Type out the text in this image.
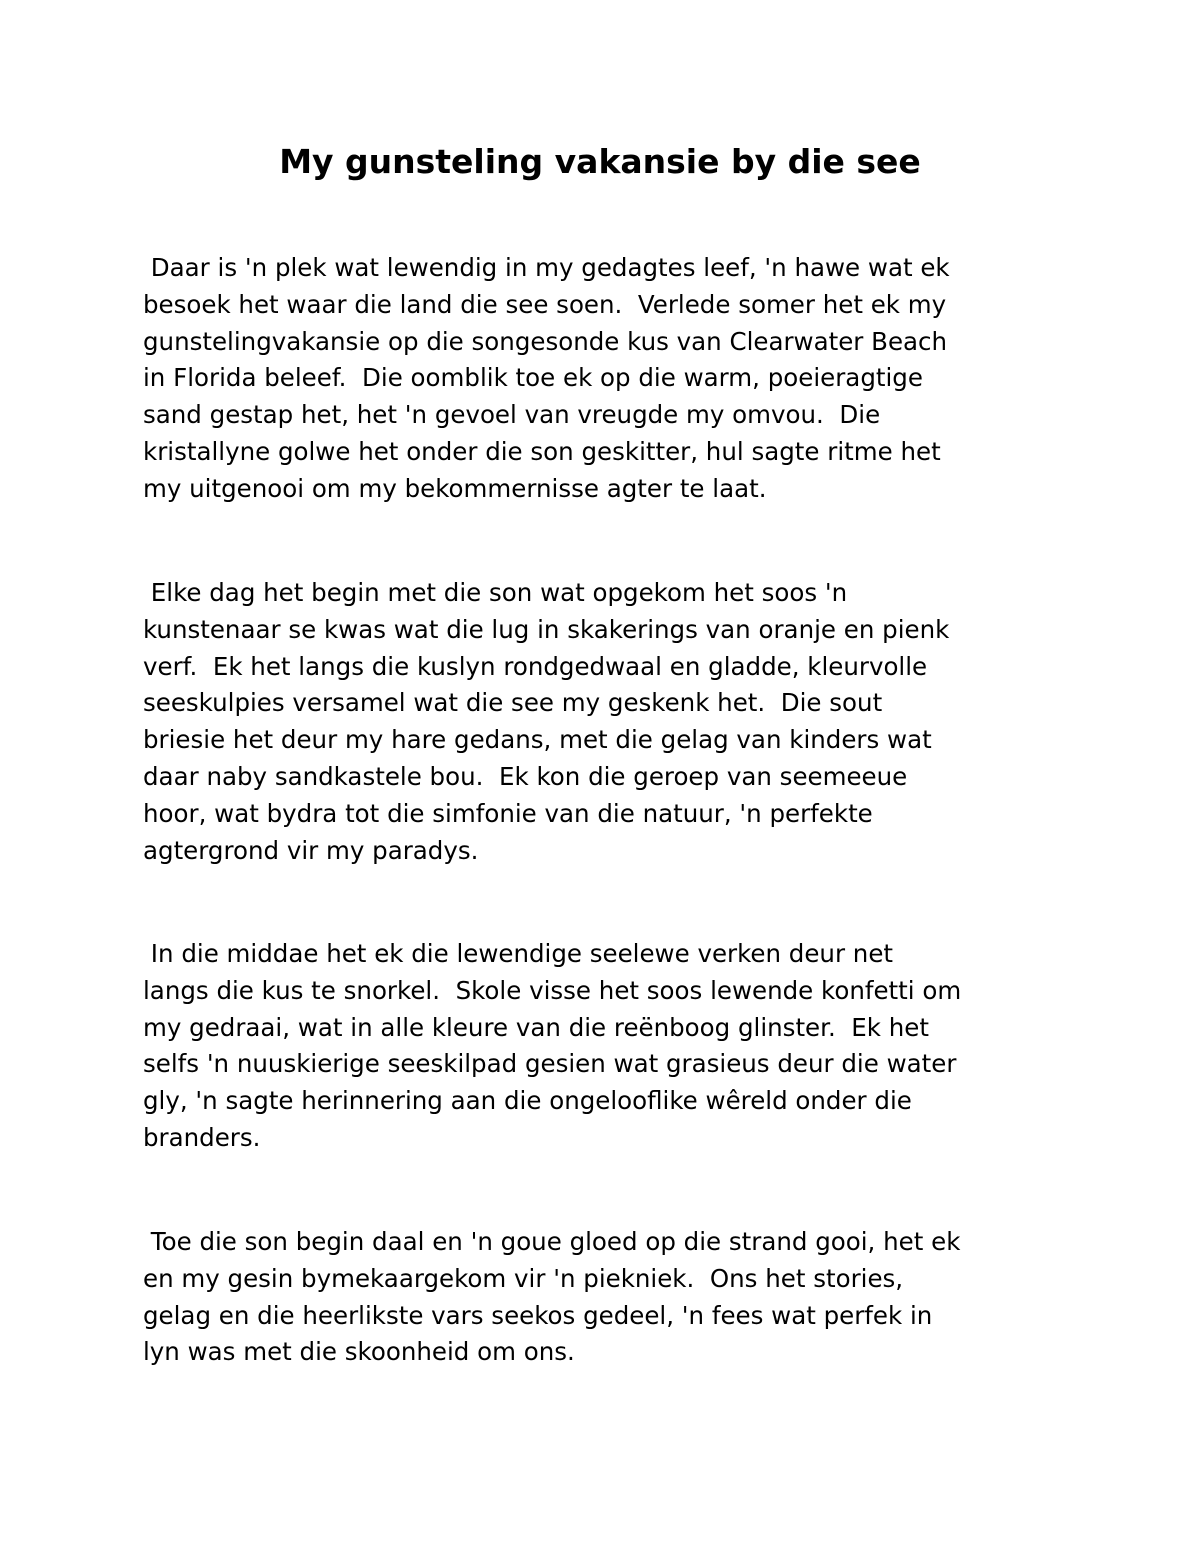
My gunsteling vakansie by die see
Daar is 'n plek wat lewendig in my gedagtes leef, 'n hawe wat ek
besoek het waar die land die see soen.  Verlede somer het ek my
gunstelingvakansie op die songesonde kus van Clearwater Beach
in Florida beleef.  Die oomblik toe ek op die warm, poeieragtige
sand gestap het, het 'n gevoel van vreugde my omvou.  Die
kristallyne golwe het onder die son geskitter, hul sagte ritme het
my uitgenooi om my bekommernisse agter te laat.
Elke dag het begin met die son wat opgekom het soos 'n
kunstenaar se kwas wat die lug in skakerings van oranje en pienk
verf.  Ek het langs die kuslyn rondgedwaal en gladde, kleurvolle
seeskulpies versamel wat die see my geskenk het.  Die sout
briesie het deur my hare gedans, met die gelag van kinders wat
daar naby sandkastele bou.  Ek kon die geroep van seemeeue
hoor, wat bydra tot die simfonie van die natuur, 'n perfekte
agtergrond vir my paradys.
In die middae het ek die lewendige seelewe verken deur net
langs die kus te snorkel.  Skole visse het soos lewende konfetti om
my gedraai, wat in alle kleure van die reënboog glinster.  Ek het
selfs 'n nuuskierige seeskilpad gesien wat grasieus deur die water
gly, 'n sagte herinnering aan die ongelooflike wêreld onder die
branders.
Toe die son begin daal en 'n goue gloed op die strand gooi, het ek
en my gesin bymekaargekom vir 'n piekniek.  Ons het stories,
gelag en die heerlikste vars seekos gedeel, 'n fees wat perfek in
lyn was met die skoonheid om ons.
